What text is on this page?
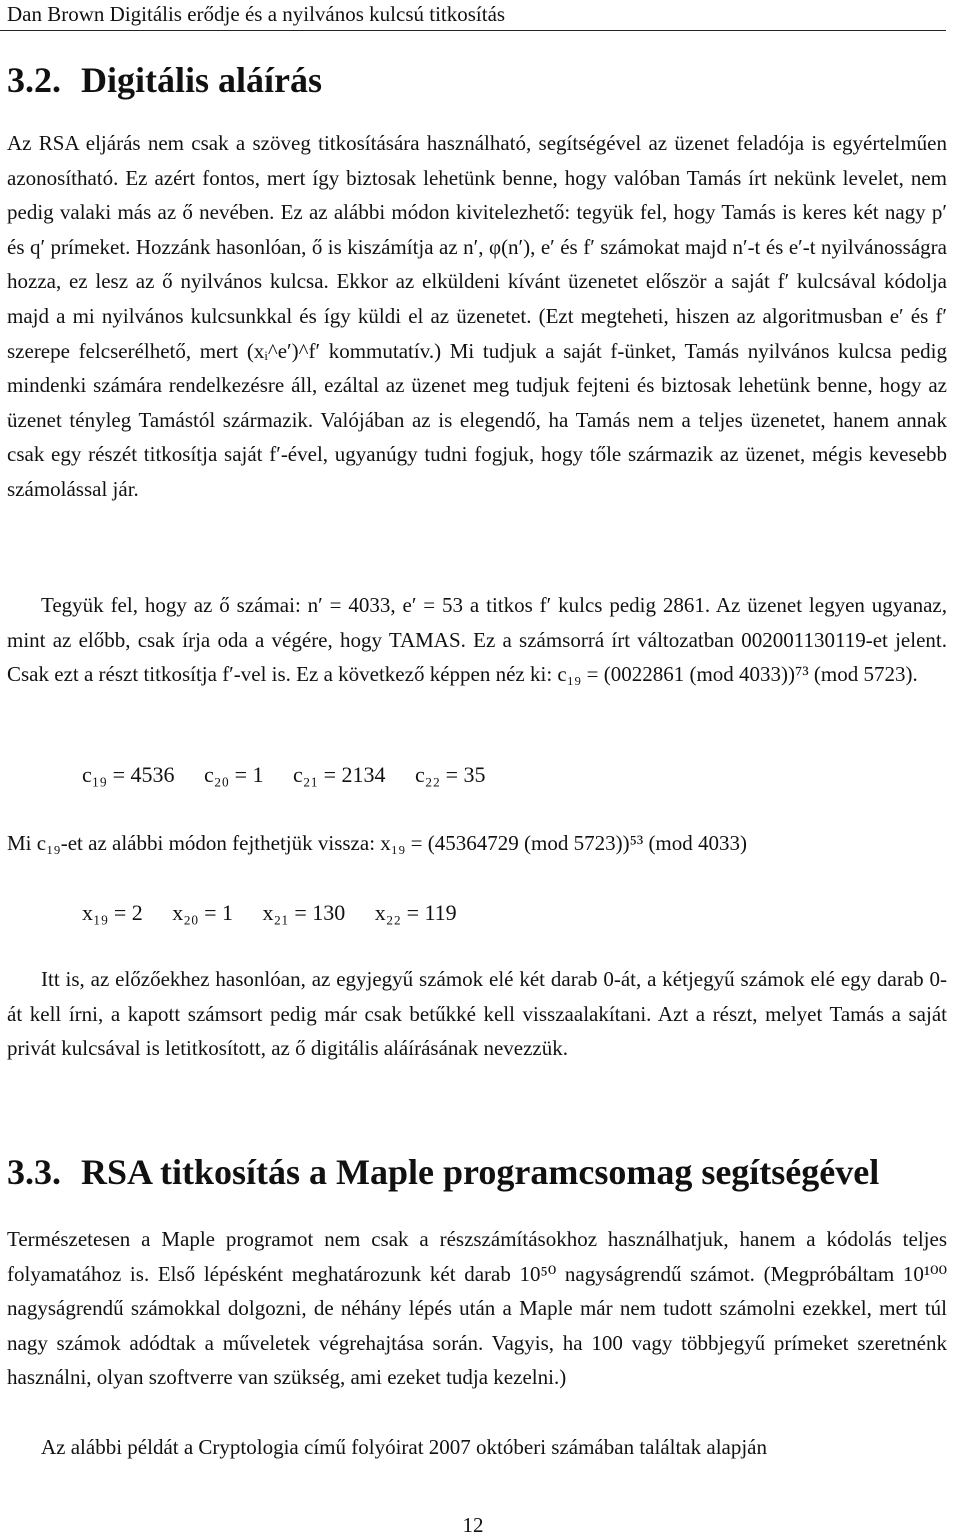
Dan Brown Digitális erődje és a nyilvános kulcsú titkosítás
3.2. Digitális aláírás
Az RSA eljárás nem csak a szöveg titkosítására használható, segítségével az üzenet feladója is egyértelműen azonosítható. Ez azért fontos, mert így biztosak lehetünk benne, hogy valóban Tamás írt nekünk levelet, nem pedig valaki más az ő nevében. Ez az alábbi módon kivitelezhető: tegyük fel, hogy Tamás is keres két nagy p′ és q′ prímeket. Hozzánk hasonlóan, ő is kiszámítja az n′, φ(n′), e′ és f′ számokat majd n′-t és e′-t nyilvánosságra hozza, ez lesz az ő nyilvános kulcsa. Ekkor az elküldeni kívánt üzenetet először a saját f′ kulcsával kódolja majd a mi nyilvános kulcsunkkal és így küldi el az üzenetet. (Ezt megteheti, hiszen az algoritmusban e′ és f′ szerepe felcserélhető, mert (xᵢ^e′)^f′ kommutatív.) Mi tudjuk a saját f-ünket, Tamás nyilvános kulcsa pedig mindenki számára rendelkezésre áll, ezáltal az üzenet meg tudjuk fejteni és biztosak lehetünk benne, hogy az üzenet tényleg Tamástól származik. Valójában az is elegendő, ha Tamás nem a teljes üzenetet, hanem annak csak egy részét titkosítja saját f′-ével, ugyanúgy tudni fogjuk, hogy tőle származik az üzenet, mégis kevesebb számolással jár.
Tegyük fel, hogy az ő számai: n′ = 4033, e′ = 53 a titkos f′ kulcs pedig 2861. Az üzenet legyen ugyanaz, mint az előbb, csak írja oda a végére, hogy TAMAS. Ez a számsorrá írt változatban 002001130119-et jelent. Csak ezt a részt titkosítja f′-vel is. Ez a következő képpen néz ki: c₁₉ = (0022861 (mod 4033))⁷³ (mod 5723).
c₁₉ = 4536 c₂₀ = 1 c₂₁ = 2134 c₂₂ = 35
Mi c₁₉-et az alábbi módon fejthetjük vissza: x₁₉ = (45364729 (mod 5723))⁵³ (mod 4033)
x₁₉ = 2 x₂₀ = 1 x₂₁ = 130 x₂₂ = 119
Itt is, az előzőekhez hasonlóan, az egyjegyű számok elé két darab 0-át, a kétjegyű számok elé egy darab 0-át kell írni, a kapott számsort pedig már csak betűkké kell visszaalakítani. Azt a részt, melyet Tamás a saját privát kulcsával is letitkosított, az ő digitális aláírásának nevezzük.
3.3. RSA titkosítás a Maple programcsomag segítségével
Természetesen a Maple programot nem csak a részszámításokhoz használhatjuk, hanem a kódolás teljes folyamatához is. Első lépésként meghatározunk két darab 10⁵⁰ nagyságrendű számot. (Megpróbáltam 10¹⁰⁰ nagyságrendű számokkal dolgozni, de néhány lépés után a Maple már nem tudott számolni ezekkel, mert túl nagy számok adódtak a műveletek végrehajtása során. Vagyis, ha 100 vagy többjegyű prímeket szeretnénk használni, olyan szoftverre van szükség, ami ezeket tudja kezelni.)
Az alábbi példát a Cryptologia című folyóirat 2007 októberi számában találtak alapján
12
